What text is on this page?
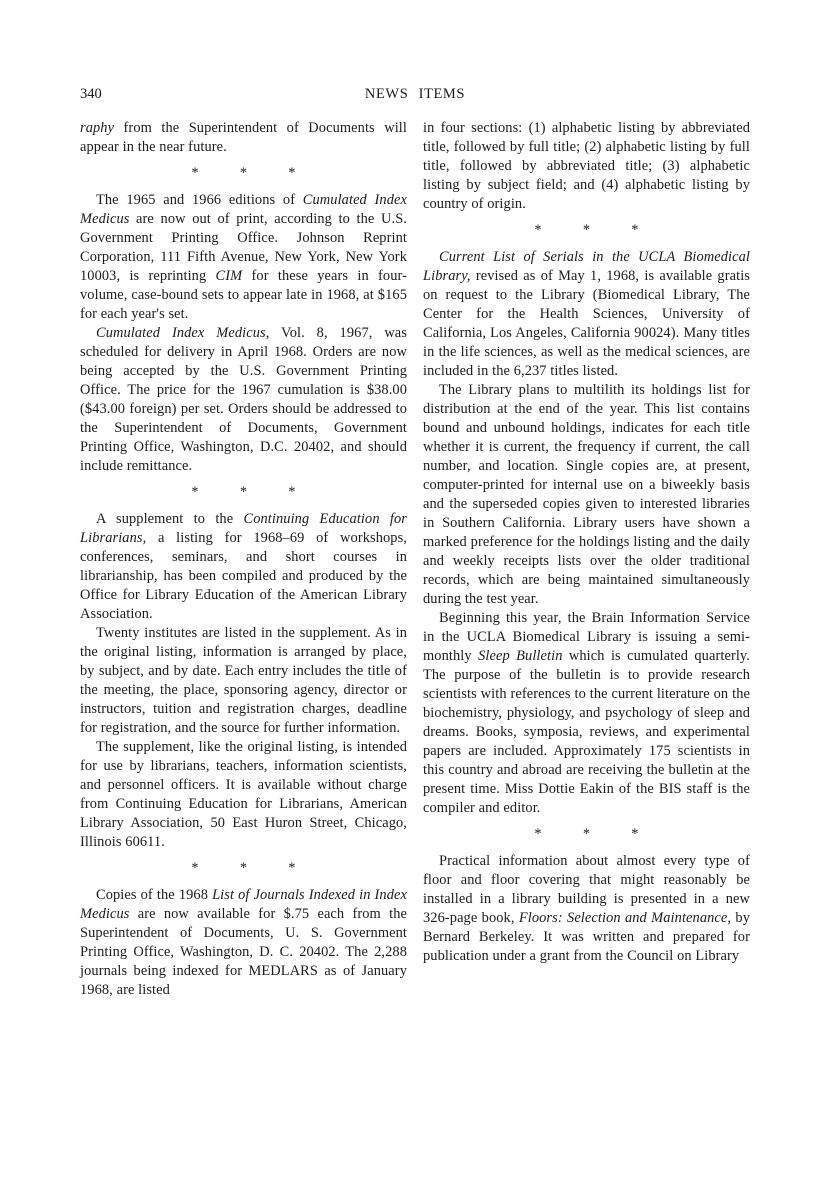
340	NEWS ITEMS
raphy from the Superintendent of Documents will appear in the near future.
* * *
The 1965 and 1966 editions of Cumulated Index Medicus are now out of print, according to the U.S. Government Printing Office. Johnson Reprint Corporation, 111 Fifth Avenue, New York, New York 10003, is reprinting CIM for these years in four-volume, case-bound sets to appear late in 1968, at $165 for each year's set.
Cumulated Index Medicus, Vol. 8, 1967, was scheduled for delivery in April 1968. Orders are now being accepted by the U.S. Government Printing Office. The price for the 1967 cumulation is $38.00 ($43.00 foreign) per set. Orders should be addressed to the Superintendent of Documents, Government Printing Office, Washington, D.C. 20402, and should include remittance.
* * *
A supplement to the Continuing Education for Librarians, a listing for 1968–69 of workshops, conferences, seminars, and short courses in librarianship, has been compiled and produced by the Office for Library Education of the American Library Association.
Twenty institutes are listed in the supplement. As in the original listing, information is arranged by place, by subject, and by date. Each entry includes the title of the meeting, the place, sponsoring agency, director or instructors, tuition and registration charges, deadline for registration, and the source for further information.
The supplement, like the original listing, is intended for use by librarians, teachers, information scientists, and personnel officers. It is available without charge from Continuing Education for Librarians, American Library Association, 50 East Huron Street, Chicago, Illinois 60611.
* * *
Copies of the 1968 List of Journals Indexed in Index Medicus are now available for $.75 each from the Superintendent of Documents, U. S. Government Printing Office, Washington, D. C. 20402. The 2,288 journals being indexed for MEDLARS as of January 1968, are listed
in four sections: (1) alphabetic listing by abbreviated title, followed by full title; (2) alphabetic listing by full title, followed by abbreviated title; (3) alphabetic listing by subject field; and (4) alphabetic listing by country of origin.
* * *
Current List of Serials in the UCLA Biomedical Library, revised as of May 1, 1968, is available gratis on request to the Library (Biomedical Library, The Center for the Health Sciences, University of California, Los Angeles, California 90024). Many titles in the life sciences, as well as the medical sciences, are included in the 6,237 titles listed.
The Library plans to multilith its holdings list for distribution at the end of the year. This list contains bound and unbound holdings, indicates for each title whether it is current, the frequency if current, the call number, and location. Single copies are, at present, computer-printed for internal use on a biweekly basis and the superseded copies given to interested libraries in Southern California. Library users have shown a marked preference for the holdings listing and the daily and weekly receipts lists over the older traditional records, which are being maintained simultaneously during the test year.
Beginning this year, the Brain Information Service in the UCLA Biomedical Library is issuing a semi-monthly Sleep Bulletin which is cumulated quarterly. The purpose of the bulletin is to provide research scientists with references to the current literature on the biochemistry, physiology, and psychology of sleep and dreams. Books, symposia, reviews, and experimental papers are included. Approximately 175 scientists in this country and abroad are receiving the bulletin at the present time. Miss Dottie Eakin of the BIS staff is the compiler and editor.
* * *
Practical information about almost every type of floor and floor covering that might reasonably be installed in a library building is presented in a new 326-page book, Floors: Selection and Maintenance, by Bernard Berkeley. It was written and prepared for publication under a grant from the Council on Library
